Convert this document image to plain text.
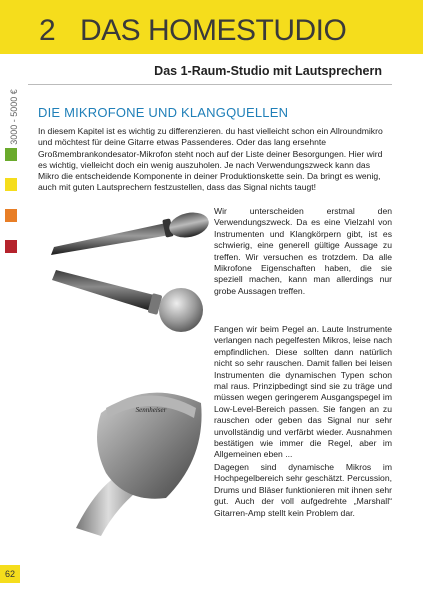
2 DAS HOMESTUDIO
Das 1-Raum-Studio mit Lautsprechern
3000 - 5000 €	DIE MIKROFONE UND KLANGQUELLEN

In diesem Kapitel ist es wichtig zu differenzieren. du hast vielleicht schon ein Allroundmikro und möchtest für deine Gitarre etwas Passenderes. Oder das lang ersehnte Großmembrankondesator-Mikrofon steht noch auf der Liste deiner Besorgungen. Hier wird es wichtig, vielleicht doch ein wenig auszuholen. Je nach Verwendungszweck kann das Mikro die entscheidende Komponente in deiner Produktionskette sein. Da bringt es wenig, auch mit guten Lautsprechern festzustellen, dass das Signal nichts taugt!

Sennheiser

Wir unterscheiden erstmal den Verwendungszweck. Da es eine Vielzahl von Instrumenten und Klangkörpern gibt, ist es schwierig, eine generell gültige Aussage zu treffen. Wir versuchen es trotzdem. Da alle Mikrofone Eigenschaften haben, die sie speziell machen, kann man allerdings nur grobe Aussagen treffen.

Fangen wir beim Pegel an. Laute Instrumente verlangen nach pegelfesten Mikros, leise nach empfindlichen. Diese sollten dann natürlich nicht so sehr rauschen. Damit fallen bei leisen Instrumenten die dynamischen Typen schon mal raus. Prinzipbedingt sind sie zu träge und müssen wegen geringerem Ausgangspegel im Low-Level-Bereich passen. Sie fangen an zu rauschen oder geben das Signal nur sehr unvollständig und verfärbt wieder. Ausnahmen bestätigen wie immer die Regel, aber im Allgemeinen eben ...

Dagegen sind dynamische Mikros im Hochpegelbereich sehr geschätzt. Percussion, Drums und Bläser funktionieren mit ihnen sehr gut. Auch der voll aufgedrehte „Marshall“ Gitarren-Amp stellt kein Problem dar.

62
